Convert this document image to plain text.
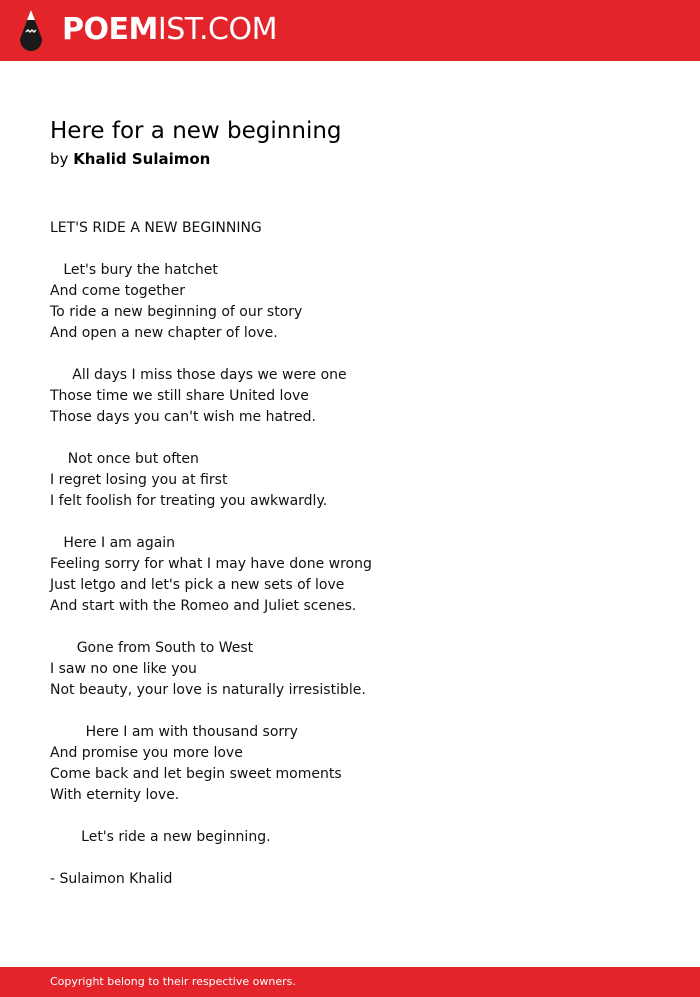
POEMIST.COM
Here for a new beginning
by Khalid Sulaimon
LET'S RIDE A NEW BEGINNING

Let's bury the hatchet
And come together
To ride a new beginning of our story
And open a new chapter of love.

All days I miss those days we were one
Those time we still share United love
Those days you can't wish me hatred.

Not once but often
I regret losing you at first
I felt foolish for treating you awkwardly.

Here I am again
Feeling sorry for what I may have done wrong
Just letgo and let's pick a new sets of love
And start with the Romeo and Juliet scenes.

Gone from South to West
I saw no one like you
Not beauty, your love is naturally irresistible.

Here I am with thousand sorry
And promise you more love
Come back and let begin sweet moments
With eternity love.

Let's ride a new beginning.

- Sulaimon Khalid
Copyright belong to their respective owners.
